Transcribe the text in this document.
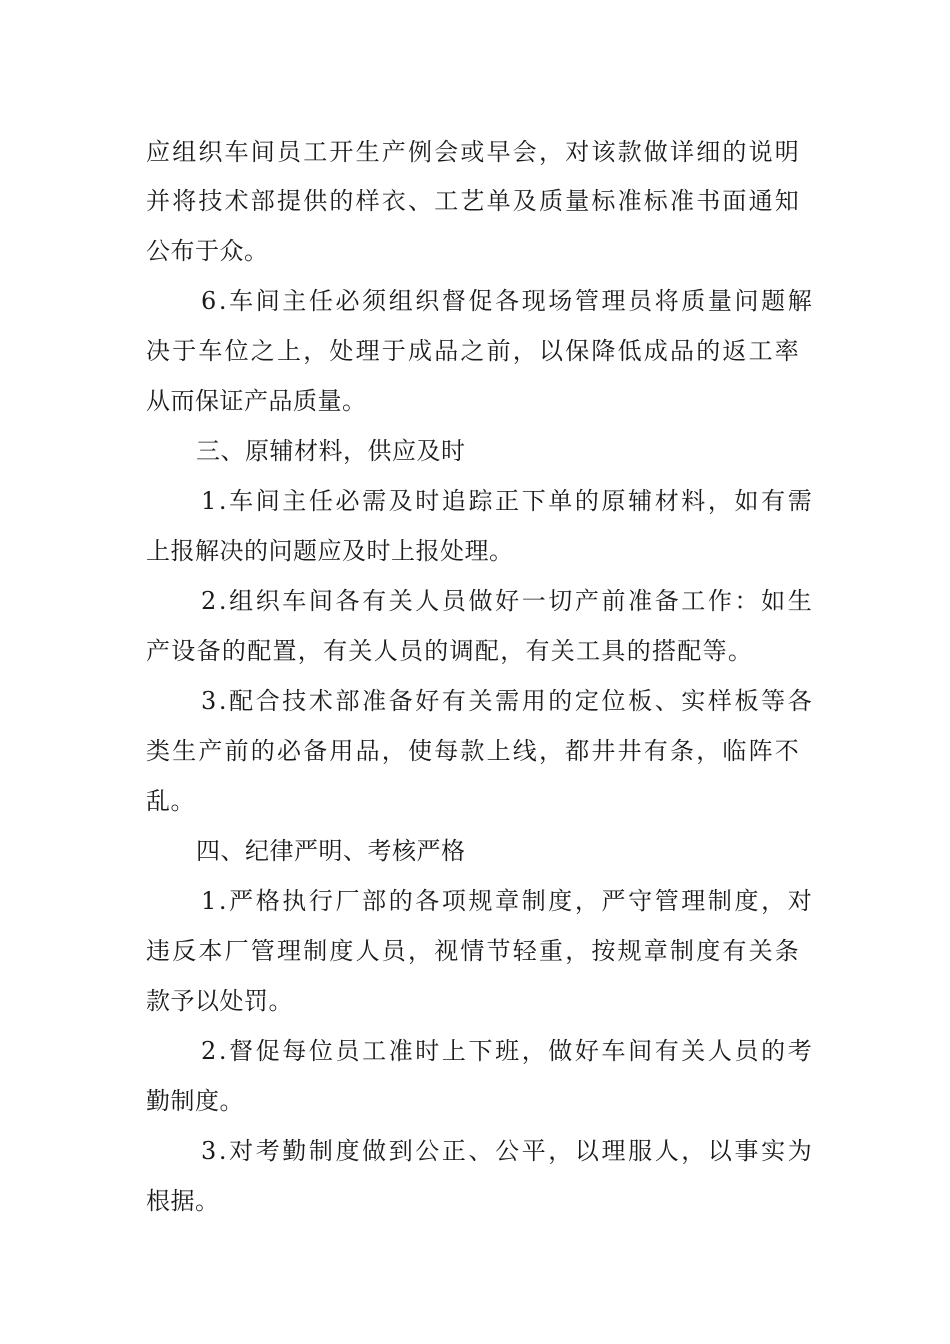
应组织车间员工开生产例会或早会，对该款做详细的说明
并将技术部提供的样衣、工艺单及质量标准标准书面通知
公布于众。
6.车间主任必须组织督促各现场管理员将质量问题解
决于车位之上，处理于成品之前，以保降低成品的返工率
从而保证产品质量。
三、原辅材料，供应及时
1.车间主任必需及时追踪正下单的原辅材料，如有需
上报解决的问题应及时上报处理。
2.组织车间各有关人员做好一切产前准备工作：如生
产设备的配置，有关人员的调配，有关工具的搭配等。
3.配合技术部准备好有关需用的定位板、实样板等各
类生产前的必备用品，使每款上线，都井井有条，临阵不
乱。
四、纪律严明、考核严格
1.严格执行厂部的各项规章制度，严守管理制度，对
违反本厂管理制度人员，视情节轻重，按规章制度有关条
款予以处罚。
2.督促每位员工准时上下班，做好车间有关人员的考
勤制度。
3.对考勤制度做到公正、公平，以理服人，以事实为
根据。
